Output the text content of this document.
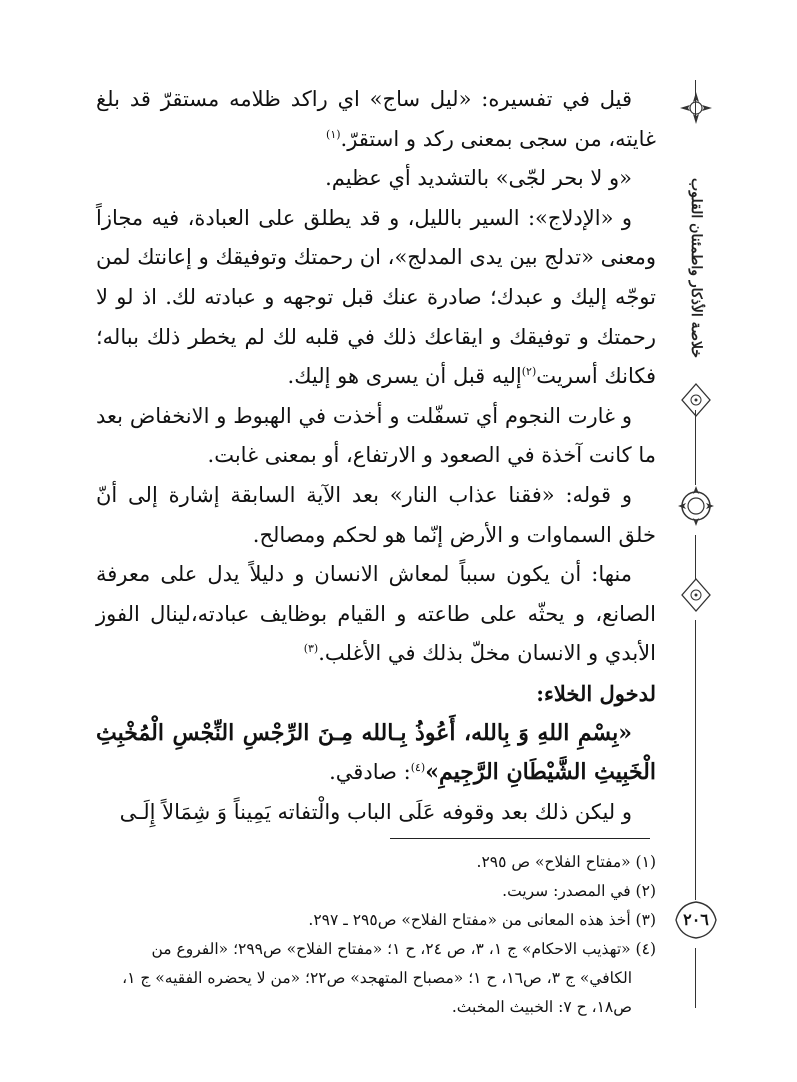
قيل في تفسيره: «ليل ساج» اي راكد ظلامه مستقرّ قد بلغ غايته، من سجى بمعنى ركد و استقرّ.$^{(١)}$

«و لا بحر لجّى» بالتشديد أي عظيم.

و «الإدلاج»: السير بالليل، و قد يطلق على العبادة، فيه مجازاً ومعنى «تدلج بين يدى المدلج»، ان رحمتك وتوفيقك و إعانتك لمن توجّه إليك و عبدك؛ صادرة عنك قبل توجهه و عبادته لك. اذ لو لا رحمتك و توفيقك و ايقاعك ذلك في قلبه لك لم يخطر ذلك بباله؛ فكانك أسريت$^{(٢)}$إليه قبل أن يسرى هو إليك.

و غارت النجوم أي تسفّلت و أخذت في الهبوط و الانخفاض بعد ما كانت آخذة في الصعود و الارتفاع، أو بمعنى غابت.

و قوله: «فقنا عذاب النار» بعد الآية السابقة إشارة إلى أنّ خلق السماوات و الأرض إنّما هو لحكم ومصالح.

منها: أن يكون سبباً لمعاش الانسان و دليلاً يدل على معرفة الصانع، و يحثّه على طاعته و القيام بوظايف عبادته،لينال الفوز الأبدي و الانسان مخلّ بذلك في الأغلب.$^{(٣)}$

لدخول الخلاء:

«بِسْمِ اللهِ وَ بِالله، أَعُوذُ بِـالله مِـنَ الرِّجْسِ النِّجْسِ الْمُخْبِثِ الْخَبِيثِ الشَّيْطَانِ الرَّجِيمِ»$^{(٤)}$: صادقي.

و ليكن ذلك بعد وقوفه عَلَى الباب والْتفاته يَمِيناً وَ شِمَالاً إِلَـى

(١) «مفتاح الفلاح» ص ٢٩٥.

(٢) في المصدر: سريت.

(٣) أخذ هذه المعانى من «مفتاح الفلاح» ص٢٩٥ ـ ٢٩٧.

(٤) «تهذيب الاحكام» ج ١، ٣، ص ٢٤، ح ١؛ «مفتاح الفلاح» ص٢٩٩؛ «الفروع من

الكافي» ج ٣، ص١٦، ح ١؛ «مصباح المتهجد» ص٢٢؛ «من لا يحضره الفقيه» ج ١،

ص١٨، ح ٧: الخبيث المخبث.

خلاصة الأذكار واطمئنان القلوب
٢٠٦
